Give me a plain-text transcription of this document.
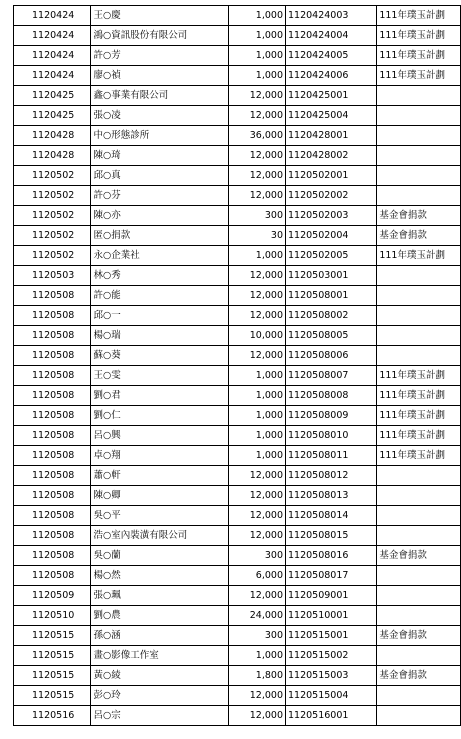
1120424	王○慶	1,000	1120424003	111年璞玉計劃
1120424	鴻○資訊股份有限公司	1,000	1120424004	111年璞玉計劃
1120424	許○芳	1,000	1120424005	111年璞玉計劃
1120424	廖○禎	1,000	1120424006	111年璞玉計劃
1120425	鑫○事業有限公司	12,000	1120425001	
1120425	張○凌	12,000	1120425004	
1120428	中○形態診所	36,000	1120428001	
1120428	陳○琦	12,000	1120428002	
1120502	邱○真	12,000	1120502001	
1120502	許○芬	12,000	1120502002	
1120502	陳○亦	300	1120502003	基金會捐款
1120502	匿○捐款	30	1120502004	基金會捐款
1120502	永○企業社	1,000	1120502005	111年璞玉計劃
1120503	林○秀	12,000	1120503001	
1120508	許○能	12,000	1120508001	
1120508	邱○一	12,000	1120508002	
1120508	楊○瑞	10,000	1120508005	
1120508	蘇○葵	12,000	1120508006	
1120508	王○雯	1,000	1120508007	111年璞玉計劃
1120508	劉○君	1,000	1120508008	111年璞玉計劃
1120508	劉○仁	1,000	1120508009	111年璞玉計劃
1120508	呂○興	1,000	1120508010	111年璞玉計劃
1120508	卓○翔	1,000	1120508011	111年璞玉計劃
1120508	蕭○軒	12,000	1120508012	
1120508	陳○卿	12,000	1120508013	
1120508	吳○平	12,000	1120508014	
1120508	浩○室內裝潢有限公司	12,000	1120508015	
1120508	吳○蘭	300	1120508016	基金會捐款
1120508	楊○然	6,000	1120508017	
1120509	張○珮	12,000	1120509001	
1120510	劉○農	24,000	1120510001	
1120515	孫○涵	300	1120515001	基金會捐款
1120515	畫○影像工作室	1,000	1120515002	
1120515	黃○綾	1,800	1120515003	基金會捐款
1120515	彭○玲	12,000	1120515004	
1120516	呂○宗	12,000	1120516001	
